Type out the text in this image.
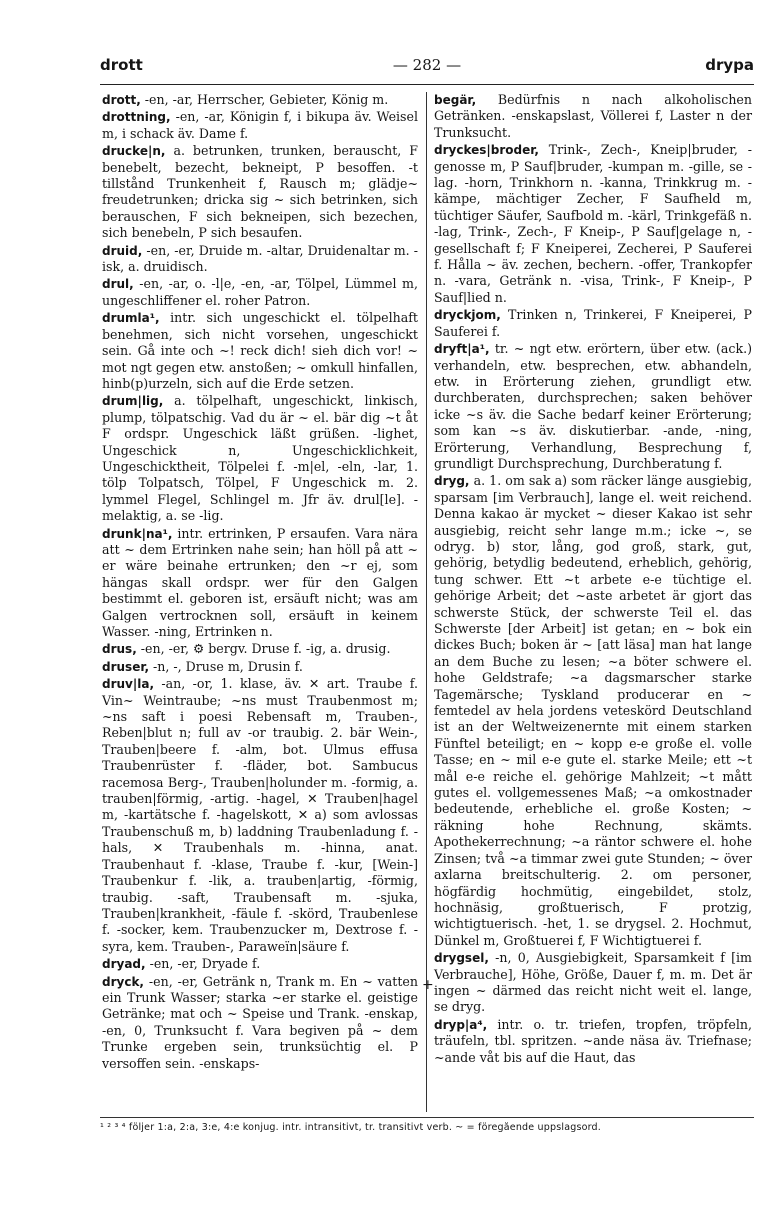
drott	— 282 —	drypa
drott, -en, -ar, Herrscher, Gebieter, König m.
drottning, -en, -ar, Königin f, i bikupa äv. Weisel m, i schack äv. Dame f.
drucke|n, a. betrunken, trunken, berauscht, F benebelt, bezecht, bekneipt, P besoffen. -t tillstånd Trunkenheit f, Rausch m; glädje~ freudetrunken; dricka sig ~ sich betrinken, sich berauschen, F sich bekneipen, sich bezechen, sich benebeln, P sich besaufen.
druid, -en, -er, Druide m. -altar, Druidenaltar m. -isk, a. druidisch.
drul, -en, -ar, o. -l|e, -en, -ar, Tölpel, Lümmel m, ungeschliffener el. roher Patron.
drumla¹, intr. sich ungeschickt el. tölpelhaft benehmen, sich nicht vorsehen, ungeschickt sein. Gå inte och ~! reck dich! sieh dich vor! ~ mot ngt gegen etw. anstoßen; ~ omkull hinfallen, hinb(p)urzeln, sich auf die Erde setzen.
drum|lig, a. tölpelhaft, ungeschickt, linkisch, plump, tölpatschig. Vad du är ~ el. bär dig ~t åt F ordspr. Ungeschick läßt grüßen. -lighet, Ungeschick n, Ungeschicklichkeit, Ungeschicktheit, Tölpelei f. -m|el, -eln, -lar, 1. tölp Tolpatsch, Tölpel, F Ungeschick m. 2. lymmel Flegel, Schlingel m. Jfr äv. drul[le]. -melaktig, a. se -lig.
drunk|na¹, intr. ertrinken, P ersaufen. Vara nära att ~ dem Ertrinken nahe sein; han höll på att ~ er wäre beinahe ertrunken; den ~r ej, som hängas skall ordspr. wer für den Galgen bestimmt el. geboren ist, ersäuft nicht; was am Galgen vertrocknen soll, ersäuft in keinem Wasser. -ning, Ertrinken n.
drus, -en, -er, ⚙ bergv. Druse f. -ig, a. drusig.
druser, -n, -, Druse m, Drusin f.
druv|la, -an, -or, 1. klase, äv. ✕ art. Traube f. Vin~ Weintraube; ~ns must Traubenmost m; ~ns saft i poesi Rebensaft m, Trauben-, Reben|blut n; full av -or traubig. 2. bär Wein-, Trauben|beere f. -alm, bot. Ulmus effusa Traubenrüster f. -fläder, bot. Sambucus racemosa Berg-, Trauben|holunder m. -formig, a. trauben|förmig, -artig. -hagel, ✕ Trauben|hagel m, -kartätsche f. -hagelskott, ✕ a) som avlossas Traubenschuß m, b) laddning Traubenladung f. -hals, ✕ Traubenhals m. -hinna, anat. Traubenhaut f. -klase, Traube f. -kur, [Wein-] Traubenkur f. -lik, a. trauben|artig, -förmig, traubig. -saft, Traubensaft m. -sjuka, Trauben|krankheit, -fäule f. -skörd, Traubenlese f. -socker, kem. Traubenzucker m, Dextrose f. -syra, kem. Trauben-, Paraweïn|säure f.
dryad, -en, -er, Dryade f.
dryck, -en, -er, Getränk n, Trank m. En ~ vatten ein Trunk Wasser; starka ~er starke el. geistige Getränke; mat och ~ Speise und Trank. -enskap, -en, 0, Trunksucht f. Vara begiven på ~ dem Trunke ergeben sein, trunksüchtig el. P versoffen sein. -enskaps-
begär, Bedürfnis n nach alkoholischen Getränken. -enskapslast, Völlerei f, Laster n der Trunksucht.
dryckes|broder, Trink-, Zech-, Kneip|bruder, -genosse m, P Sauf|bruder, -kumpan m. -gille, se -lag. -horn, Trinkhorn n. -kanna, Trinkkrug m. -kämpe, mächtiger Zecher, F Saufheld m, tüchtiger Säufer, Saufbold m. -kärl, Trinkgefäß n. -lag, Trink-, Zech-, F Kneip-, P Sauf|gelage n, -gesellschaft f; F Kneiperei, Zecherei, P Sauferei f. Hålla ~ äv. zechen, bechern. -offer, Trankopfer n. -vara, Getränk n. -visa, Trink-, F Kneip-, P Sauf|lied n.
dryckjom, Trinken n, Trinkerei, F Kneiperei, P Sauferei f.
dryft|a¹, tr. ~ ngt etw. erörtern, über etw. (ack.) verhandeln, etw. besprechen, etw. abhandeln, etw. in Erörterung ziehen, grundligt etw. durchberaten, durchsprechen; saken behöver icke ~s äv. die Sache bedarf keiner Erörterung; som kan ~s äv. diskutierbar. -ande, -ning, Erörterung, Verhandlung, Besprechung f, grundligt Durchsprechung, Durchberatung f.
dryg, a. 1. om sak a) som räcker länge ausgiebig, sparsam [im Verbrauch], lange el. weit reichend. Denna kakao är mycket ~ dieser Kakao ist sehr ausgiebig, reicht sehr lange m.m.; icke ~, se odryg. b) stor, lång, god groß, stark, gut, gehörig, betydlig bedeutend, erheblich, gehörig, tung schwer. Ett ~t arbete e-e tüchtige el. gehörige Arbeit; det ~aste arbetet är gjort das schwerste Stück, der schwerste Teil el. das Schwerste [der Arbeit] ist getan; en ~ bok ein dickes Buch; boken är ~ [att läsa] man hat lange an dem Buche zu lesen; ~a böter schwere el. hohe Geldstrafe; ~a dagsmarscher starke Tagemärsche; Tyskland producerar en ~ femtedel av hela jordens veteskörd Deutschland ist an der Weltweizenernte mit einem starken Fünftel beteiligt; en ~ kopp e-e große el. volle Tasse; en ~ mil e-e gute el. starke Meile; ett ~t mål e-e reiche el. gehörige Mahlzeit; ~t mått gutes el. vollgemessenes Maß; ~a omkostnader bedeutende, erhebliche el. große Kosten; ~ räkning hohe Rechnung, skämts. Apothekerrechnung; ~a räntor schwere el. hohe Zinsen; två ~a timmar zwei gute Stunden; ~ över axlarna breitschulterig. 2. om personer, högfärdig hochmütig, eingebildet, stolz, hochnäsig, großtuerisch, F protzig, wichtigtuerisch. -het, 1. se drygsel. 2. Hochmut, Dünkel m, Großtuerei f, F Wichtigtuerei f.
drygsel, -n, 0, Ausgiebigkeit, Sparsamkeit f [im Verbrauche], Höhe, Größe, Dauer f, m. m. Det är ingen ~ därmed das reicht nicht weit el. lange, se dryg.
dryp|a⁴, intr. o. tr. triefen, tropfen, tröpfeln, träufeln, tbl. spritzen. ~ande näsa äv. Triefnase; ~ande våt bis auf die Haut, das
+
¹ ² ³ ⁴ följer 1:a, 2:a, 3:e, 4:e konjug. intr. intransitivt, tr. transitivt verb. ~ = föregående uppslagsord.
